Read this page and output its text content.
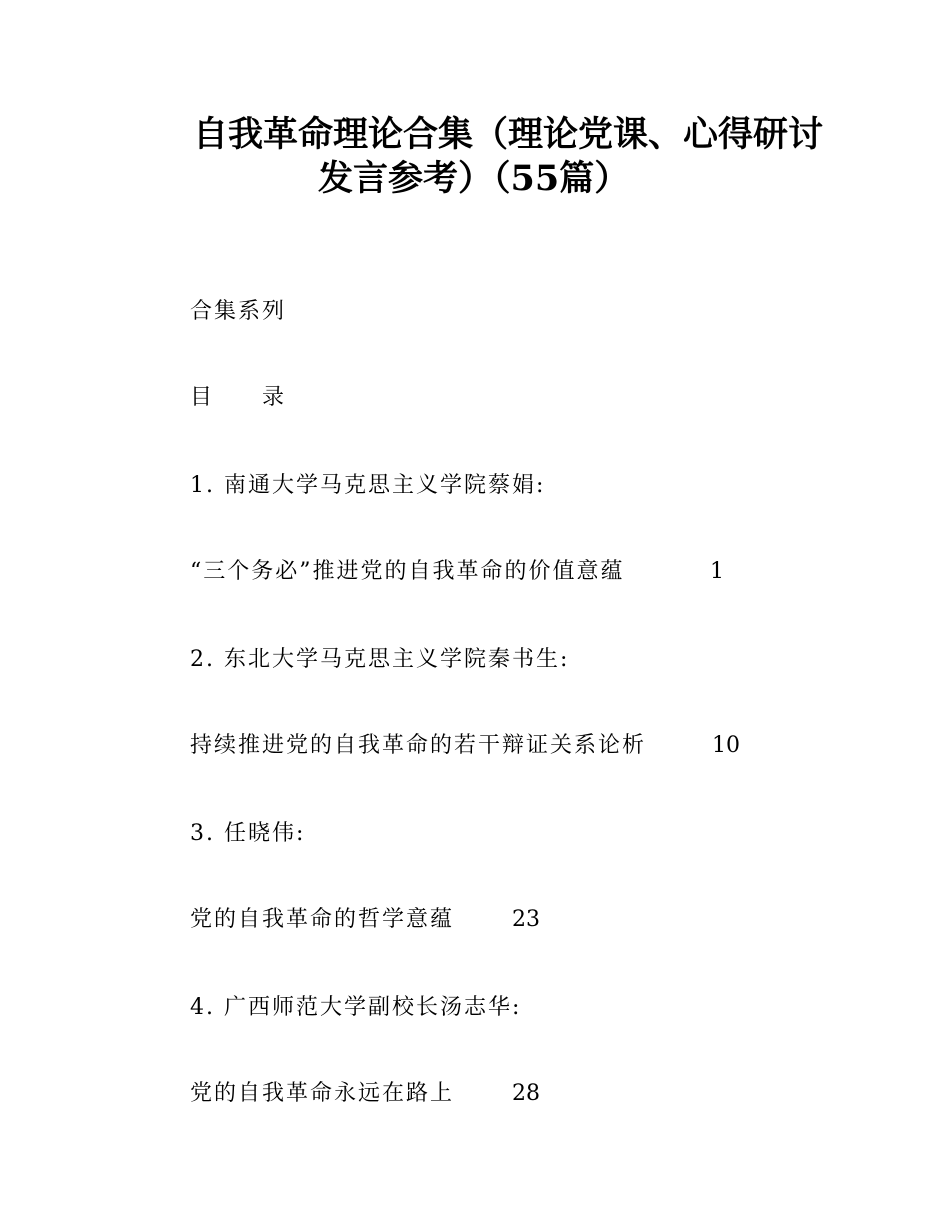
自我革命理论合集（理论党课、心得研讨
发言参考）（55篇）
合集系列
目　　录
1. 南通大学马克思主义学院蔡娟:
“三个务必”推进党的自我革命的价值意蕴	1
2. 东北大学马克思主义学院秦书生:
持续推进党的自我革命的若干辩证关系论析	10
3. 任晓伟:
党的自我革命的哲学意蕴	23
4. 广西师范大学副校长汤志华:
党的自我革命永远在路上	28
